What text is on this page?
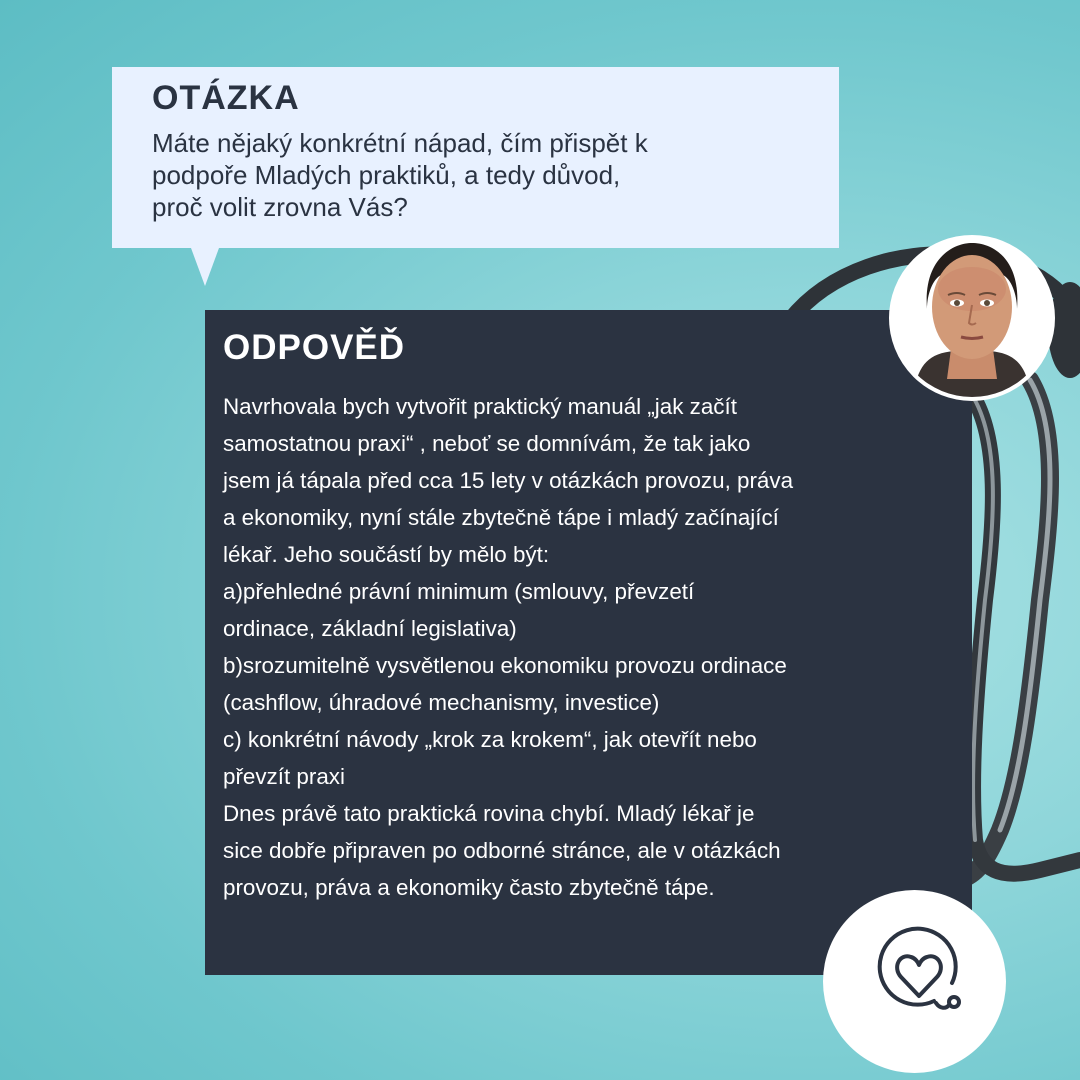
OTÁZKA
Máte nějaký konkrétní nápad, čím přispět k
podpoře Mladých praktiků, a tedy důvod,
proč volit zrovna Vás?
ODPOVĚĎ
Navrhovala bych vytvořit praktický manuál „jak začít
samostatnou praxi“ , neboť se domnívám, že tak jako
jsem já tápala před cca 15 lety v otázkách provozu, práva
a ekonomiky, nyní stále zbytečně tápe i mladý začínající
lékař. Jeho součástí by mělo být:
a)přehledné právní minimum (smlouvy, převzetí
ordinace, základní legislativa)
b)srozumitelně vysvětlenou ekonomiku provozu ordinace
(cashflow, úhradové mechanismy, investice)
c) konkrétní návody „krok za krokem“, jak otevřít nebo
převzít praxi
Dnes právě tato praktická rovina chybí. Mladý lékař je
sice dobře připraven po odborné stránce, ale v otázkách
provozu, práva a ekonomiky často zbytečně tápe.
